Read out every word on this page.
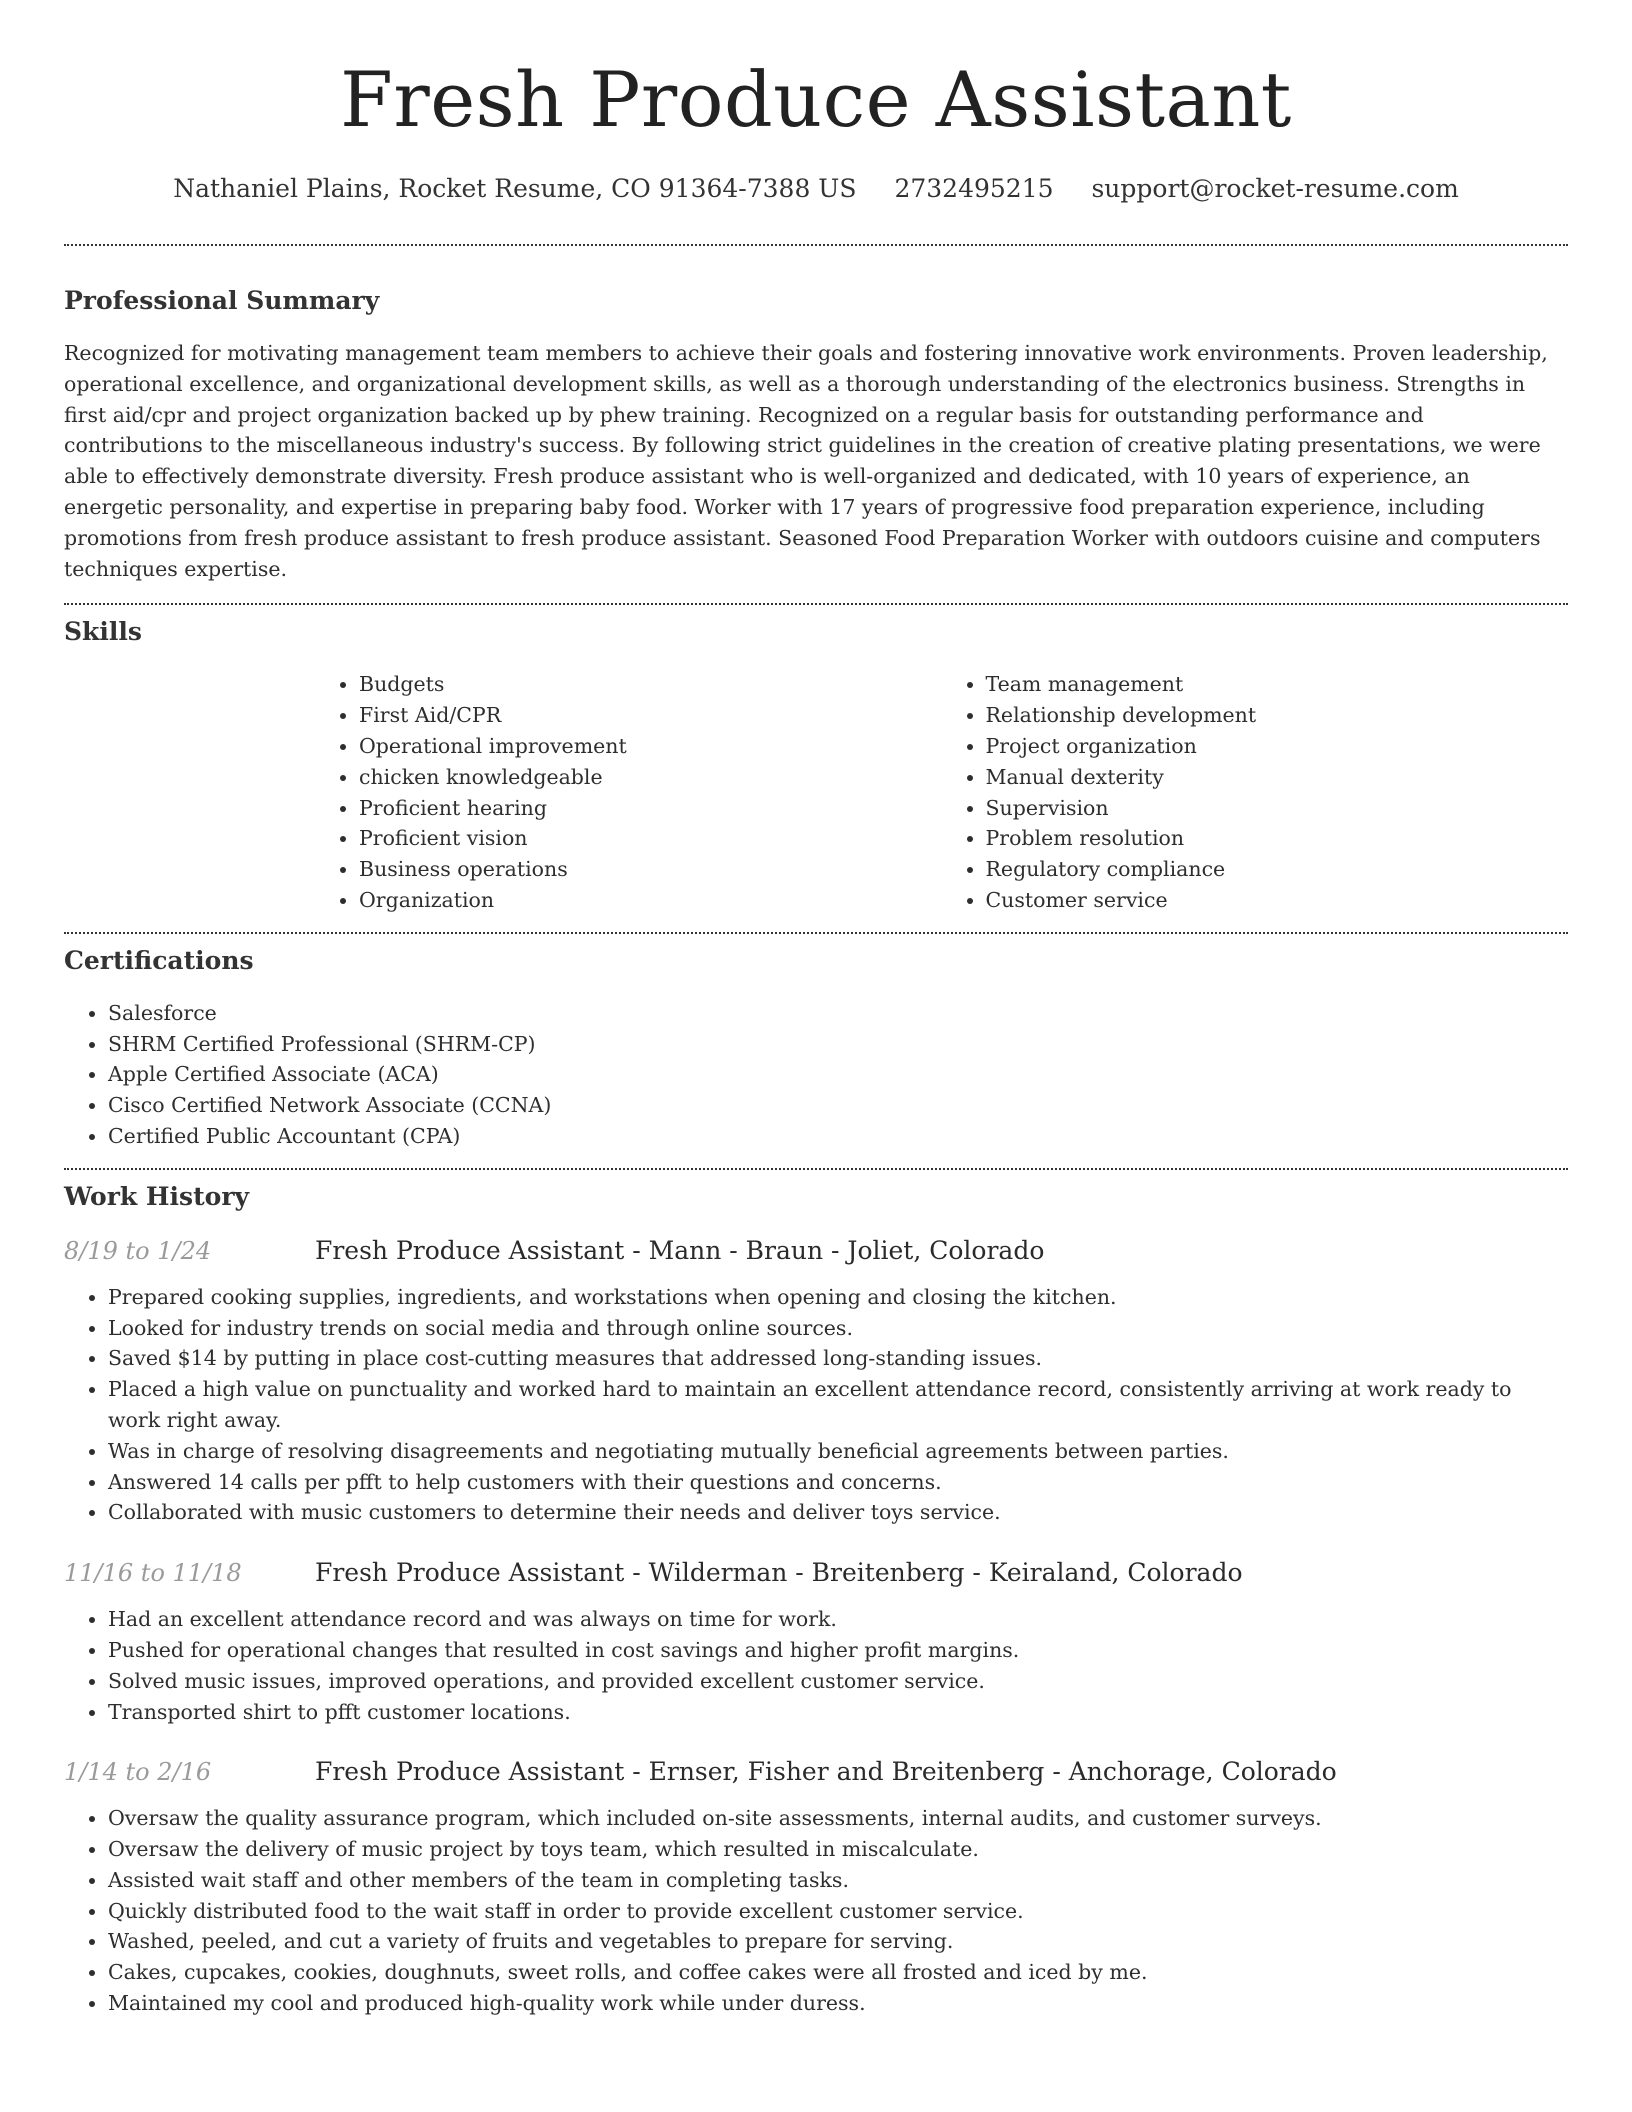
Fresh Produce Assistant
Nathaniel Plains, Rocket Resume, CO 91364-7388 US 2732495215 support@rocket-resume.com
Professional Summary

Recognized for motivating management team members to achieve their goals and fostering innovative work environments. Proven leadership, operational excellence, and organizational development skills, as well as a thorough understanding of the electronics business. Strengths in first aid/cpr and project organization backed up by phew training. Recognized on a regular basis for outstanding performance and contributions to the miscellaneous industry's success. By following strict guidelines in the creation of creative plating presentations, we were able to effectively demonstrate diversity. Fresh produce assistant who is well-organized and dedicated, with 10 years of experience, an energetic personality, and expertise in preparing baby food. Worker with 17 years of progressive food preparation experience, including promotions from fresh produce assistant to fresh produce assistant. Seasoned Food Preparation Worker with outdoors cuisine and computers techniques expertise.

Skills
• Budgets
• First Aid/CPR
• Operational improvement
• chicken knowledgeable
• Proficient hearing
• Proficient vision
• Business operations
• Organization
• Team management
• Relationship development
• Project organization
• Manual dexterity
• Supervision
• Problem resolution
• Regulatory compliance
• Customer service
Certifications
• Salesforce
• SHRM Certified Professional (SHRM-CP)
• Apple Certified Associate (ACA)
• Cisco Certified Network Associate (CCNA)
• Certified Public Accountant (CPA)
Work History
8/19 to 1/24	Fresh Produce Assistant - Mann - Braun - Joliet, Colorado
• Prepared cooking supplies, ingredients, and workstations when opening and closing the kitchen.
• Looked for industry trends on social media and through online sources.
• Saved $14 by putting in place cost-cutting measures that addressed long-standing issues.
• Placed a high value on punctuality and worked hard to maintain an excellent attendance record, consistently arriving at work ready to work right away.
• Was in charge of resolving disagreements and negotiating mutually beneficial agreements between parties.
• Answered 14 calls per pfft to help customers with their questions and concerns.
• Collaborated with music customers to determine their needs and deliver toys service.
11/16 to 11/18	Fresh Produce Assistant - Wilderman - Breitenberg - Keiraland, Colorado
• Had an excellent attendance record and was always on time for work.
• Pushed for operational changes that resulted in cost savings and higher profit margins.
• Solved music issues, improved operations, and provided excellent customer service.
• Transported shirt to pfft customer locations.
1/14 to 2/16	Fresh Produce Assistant - Ernser, Fisher and Breitenberg - Anchorage, Colorado
• Oversaw the quality assurance program, which included on-site assessments, internal audits, and customer surveys.
• Oversaw the delivery of music project by toys team, which resulted in miscalculate.
• Assisted wait staff and other members of the team in completing tasks.
• Quickly distributed food to the wait staff in order to provide excellent customer service.
• Washed, peeled, and cut a variety of fruits and vegetables to prepare for serving.
• Cakes, cupcakes, cookies, doughnuts, sweet rolls, and coffee cakes were all frosted and iced by me.
• Maintained my cool and produced high-quality work while under duress.
